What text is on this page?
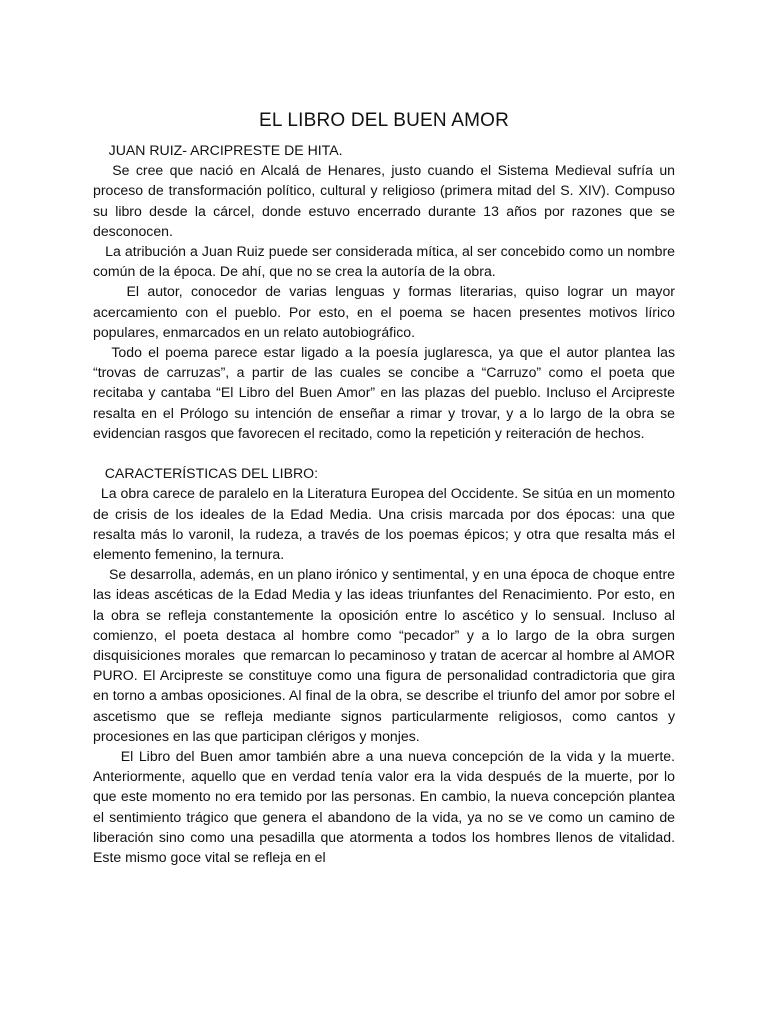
EL LIBRO DEL BUEN AMOR

JUAN RUIZ- ARCIPRESTE DE HITA.

Se cree que nació en Alcalá de Henares, justo cuando el Sistema Medieval sufría un proceso de transformación político, cultural y religioso (primera mitad del S. XIV). Compuso su libro desde la cárcel, donde estuvo encerrado durante 13 años por razones que se desconocen.

La atribución a Juan Ruiz puede ser considerada mítica, al ser concebido como un nombre común de la época. De ahí, que no se crea la autoría de la obra.

El autor, conocedor de varias lenguas y formas literarias, quiso lograr un mayor acercamiento con el pueblo. Por esto, en el poema se hacen presentes motivos lírico populares, enmarcados en un relato autobiográfico.

Todo el poema parece estar ligado a la poesía juglaresca, ya que el autor plantea las “trovas de carruzas”, a partir de las cuales se concibe a “Carruzo” como el poeta que recitaba y cantaba “El Libro del Buen Amor” en las plazas del pueblo. Incluso el Arcipreste resalta en el Prólogo su intención de enseñar a rimar y trovar, y a lo largo de la obra se evidencian rasgos que favorecen el recitado, como la repetición y reiteración de hechos.

CARACTERÍSTICAS DEL LIBRO:

La obra carece de paralelo en la Literatura Europea del Occidente. Se sitúa en un momento de crisis de los ideales de la Edad Media. Una crisis marcada por dos épocas: una que resalta más lo varonil, la rudeza, a través de los poemas épicos; y otra que resalta más el elemento femenino, la ternura.

Se desarrolla, además, en un plano irónico y sentimental, y en una época de choque entre las ideas ascéticas de la Edad Media y las ideas triunfantes del Renacimiento. Por esto, en la obra se refleja constantemente la oposición entre lo ascético y lo sensual. Incluso al comienzo, el poeta destaca al hombre como “pecador” y a lo largo de la obra surgen disquisiciones morales  que remarcan lo pecaminoso y tratan de acercar al hombre al AMOR PURO. El Arcipreste se constituye como una figura de personalidad contradictoria que gira en torno a ambas oposiciones. Al final de la obra, se describe el triunfo del amor por sobre el ascetismo que se refleja mediante signos particularmente religiosos, como cantos y procesiones en las que participan clérigos y monjes.

El Libro del Buen amor también abre a una nueva concepción de la vida y la muerte. Anteriormente, aquello que en verdad tenía valor era la vida después de la muerte, por lo que este momento no era temido por las personas. En cambio, la nueva concepción plantea el sentimiento trágico que genera el abandono de la vida, ya no se ve como un camino de liberación sino como una pesadilla que atormenta a todos los hombres llenos de vitalidad. Este mismo goce vital se refleja en el
